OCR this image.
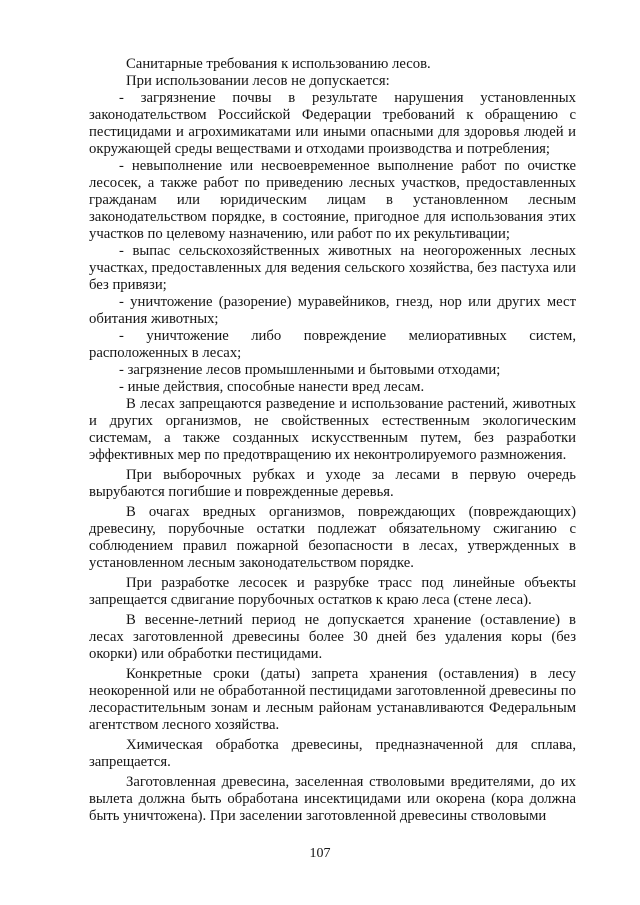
Санитарные требования к использованию лесов.

При использовании лесов не допускается:

- загрязнение почвы в результате нарушения установленных законодательством Российской Федерации требований к обращению с пестицидами и агрохимикатами или иными опасными для здоровья людей и окружающей среды веществами и отходами производства и потребления;

- невыполнение или несвоевременное выполнение работ по очистке лесосек, а также работ по приведению лесных участков, предоставленных гражданам или юридическим лицам в установленном лесным законодательством порядке, в состояние, пригодное для использования этих участков по целевому назначению, или работ по их рекультивации;

- выпас сельскохозяйственных животных на неогороженных лесных участках, предоставленных для ведения сельского хозяйства, без пастуха или без привязи;

- уничтожение (разорение) муравейников, гнезд, нор или других мест обитания животных;

- уничтожение либо повреждение мелиоративных систем, расположенных в лесах;

- загрязнение лесов промышленными и бытовыми отходами;

- иные действия, способные нанести вред лесам.

В лесах запрещаются разведение и использование растений, животных и других организмов, не свойственных естественным экологическим системам, а также созданных искусственным путем, без разработки эффективных мер по предотвращению их неконтролируемого размножения.

При выборочных рубках и уходе за лесами в первую очередь вырубаются погибшие и поврежденные деревья.

В очагах вредных организмов, повреждающих (повреждающих) древесину, порубочные остатки подлежат обязательному сжиганию с соблюдением правил пожарной безопасности в лесах, утвержденных в установленном лесным законодательством порядке.

При разработке лесосек и разрубке трасс под линейные объекты запрещается сдвигание порубочных остатков к краю леса (стене леса).

В весенне-летний период не допускается хранение (оставление) в лесах заготовленной древесины более 30 дней без удаления коры (без окорки) или обработки пестицидами.

Конкретные сроки (даты) запрета хранения (оставления) в лесу неокоренной или не обработанной пестицидами заготовленной древесины по лесорастительным зонам и лесным районам устанавливаются Федеральным агентством лесного хозяйства.

Химическая обработка древесины, предназначенной для сплава, запрещается.

Заготовленная древесина, заселенная стволовыми вредителями, до их вылета должна быть обработана инсектицидами или окорена (кора должна быть уничтожена). При заселении заготовленной древесины стволовыми

107
